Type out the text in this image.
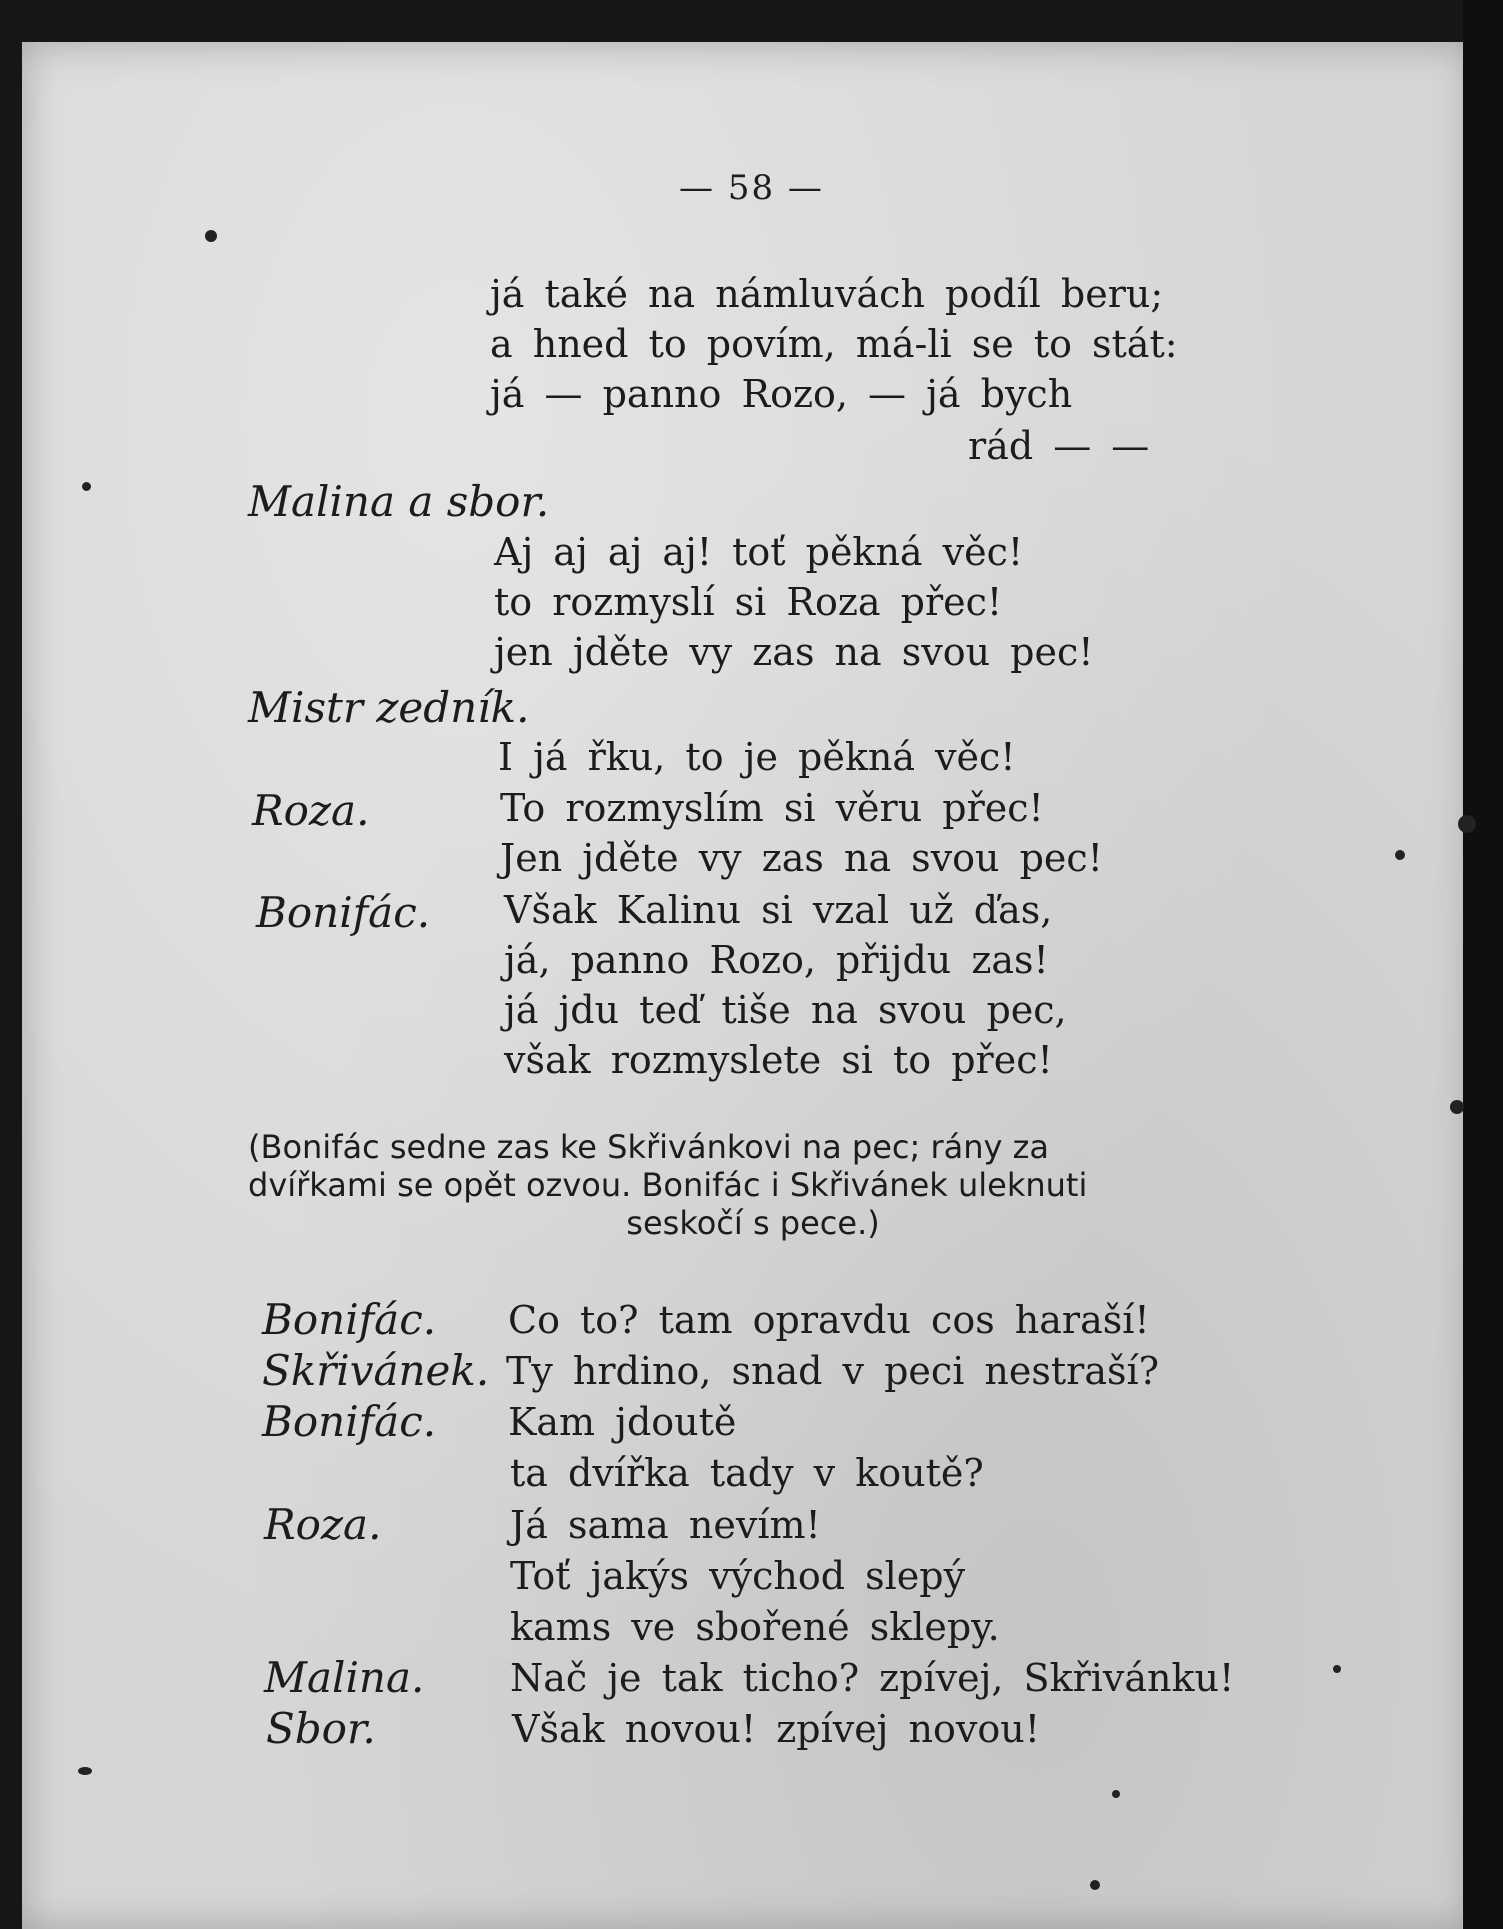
— 58 —
já také na námluvách podíl beru;
a hned to povím, má-li se to stát:
já — panno Rozo, — já bych
rád — —
Malina a sbor.
Aj aj aj aj! toť pěkná věc!
to rozmyslí si Roza přec!
jen jděte vy zas na svou pec!
Mistr zedník.
I já řku, to je pěkná věc!
Roza.	To rozmyslím si věru přec!
Jen jděte vy zas na svou pec!
Bonifác. Však Kalinu si vzal už ďas,
já, panno Rozo, přijdu zas!
já jdu teď tiše na svou pec,
však rozmyslete si to přec!
(Bonifác sedne zas ke Skřivánkovi na pec; rány za
dvířkami se opět ozvou. Bonifác i Skřivánek uleknuti
seskočí s pece.)
Bonifác. Co to? tam opravdu cos haraší!
Skřivánek. Ty hrdino, snad v peci nestraší?
Bonifác. Kam jdoutě
ta dvířka tady v koutě?
Roza.	Já sama nevím!
Toť jakýs východ slepý
kams ve sbořené sklepy.
Malina. Nač je tak ticho? zpívej, Skřivánku!
Sbor.	Však novou! zpívej novou!
